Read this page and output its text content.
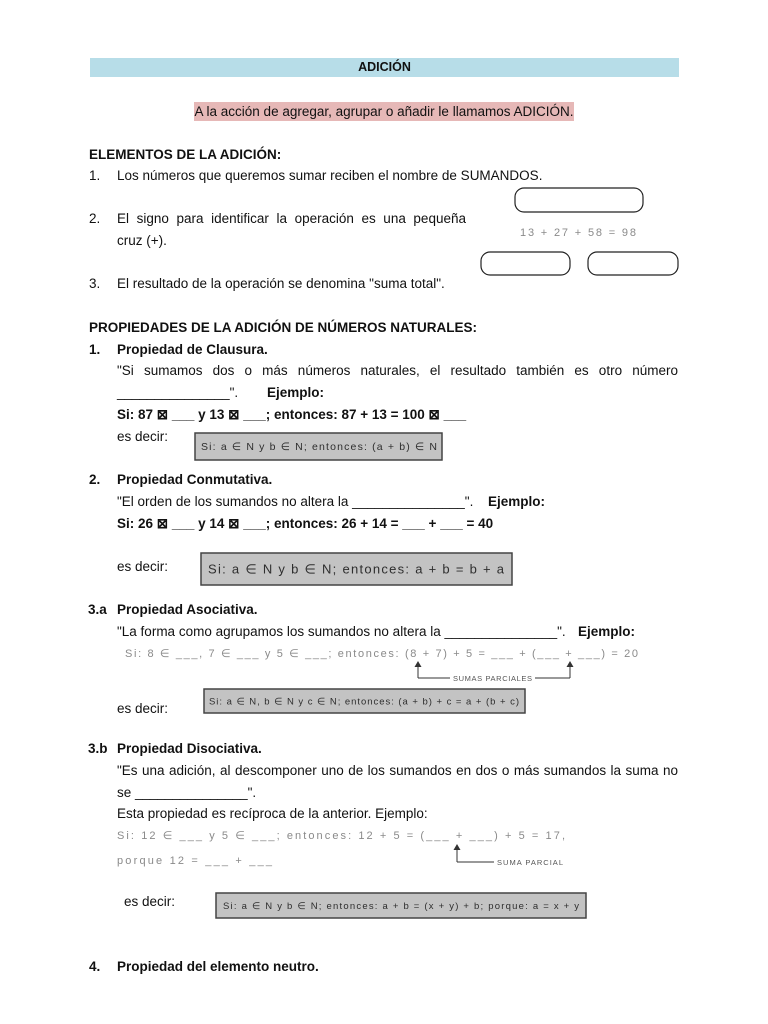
13 + 27 + 58 = 98
Si: a ∈ N y b ∈ N; entonces: (a + b) ∈ N
Si: a ∈ N y b ∈ N; entonces: a + b = b + a
Si: 8 ∈ ___, 7 ∈ ___ y 5 ∈ ___; entonces: (8 + 7) + 5 = ___ + (___ + ___) = 20
SUMAS PARCIALES
Si: a ∈ N, b ∈ N y c ∈ N; entonces: (a + b) + c = a + (b + c)
Si: 12 ∈ ___ y 5 ∈ ___; entonces: 12 + 5 = (___ + ___) + 5 = 17,
porque 12 = ___ + ___	SUMA PARCIAL
Si: a ∈ N y b ∈ N; entonces: a + b = (x + y) + b; porque: a = x + y
ADICIÓN
A la acción de agregar, agrupar o añadir le llamamos ADICIÓN.
ELEMENTOS DE LA ADICIÓN:
1. Los números que queremos sumar reciben el nombre de SUMANDOS.
2. El signo para identificar la operación es una pequeña
cruz (+).
3. El resultado de la operación se denomina "suma total".
PROPIEDADES DE LA ADICIÓN DE NÚMEROS NATURALES:
1. Propiedad de Clausura.
"Si sumamos dos o más números naturales, el resultado también es otro número
_______________". Ejemplo:
Si: 87 ⊠ ___ y 13 ⊠ ___; entonces: 87 + 13 = 100 ⊠ ___
es decir:
2. Propiedad Conmutativa.
"El orden de los sumandos no altera la _______________". Ejemplo:
Si: 26 ⊠ ___ y 14 ⊠ ___; entonces: 26 + 14 = ___ + ___ = 40
es decir:
3.a Propiedad Asociativa.
"La forma como agrupamos los sumandos no altera la _______________". Ejemplo:
es decir:
3.b Propiedad Disociativa.
"Es una adición, al descomponer uno de los sumandos en dos o más sumandos la suma no
se _______________".
Esta propiedad es recíproca de la anterior. Ejemplo:
es decir:
4. Propiedad del elemento neutro.
